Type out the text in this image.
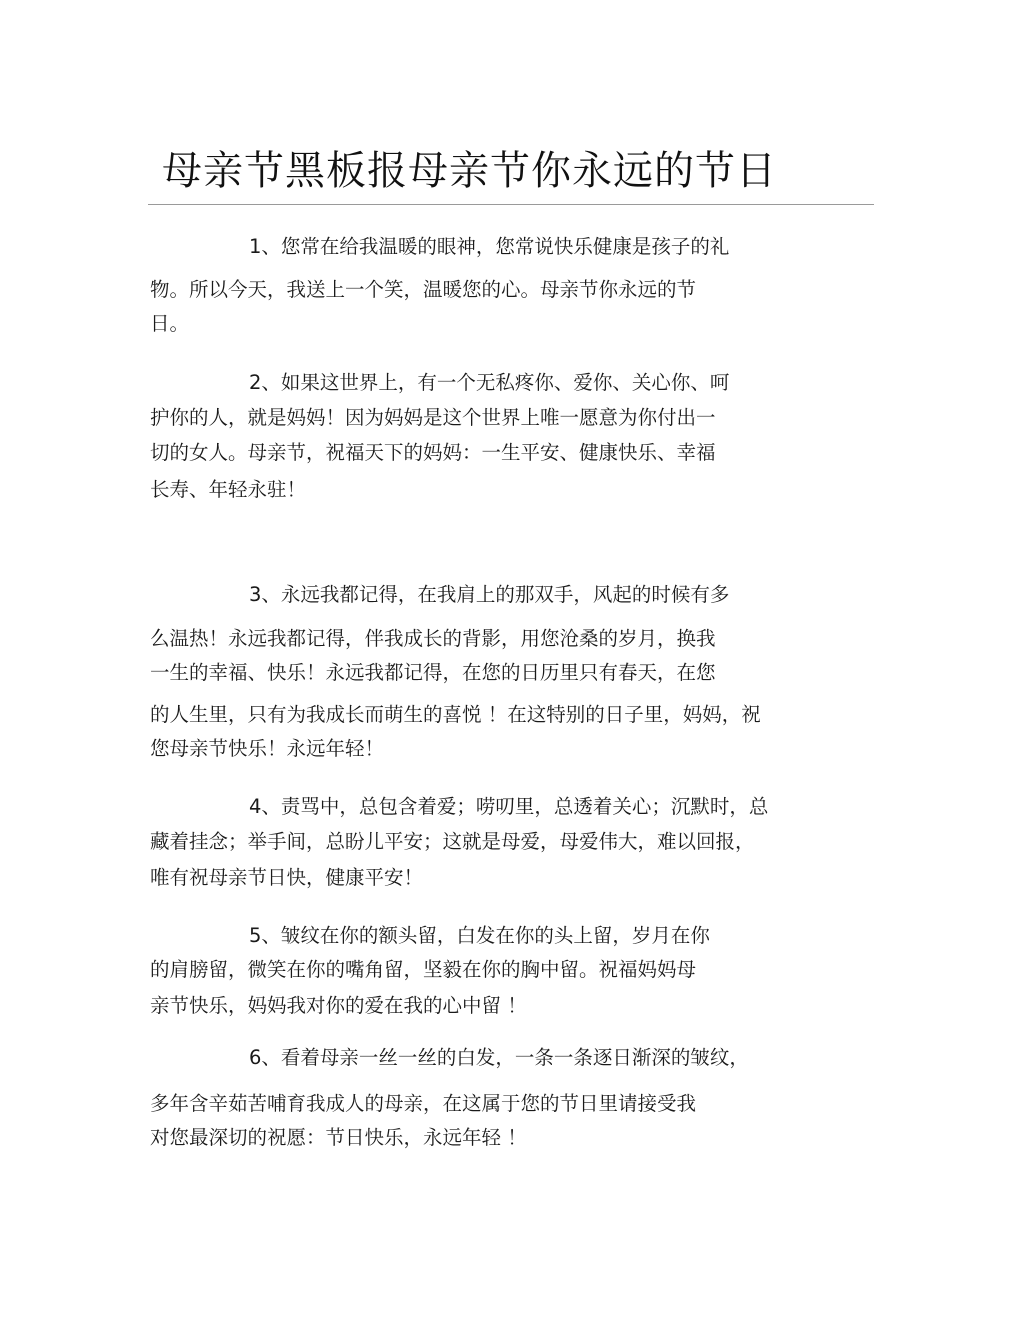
母亲节黑板报母亲节你永远的节日
1、您常在给我温暖的眼神，您常说快乐健康是孩子的礼
物。所以今天，我送上一个笑，温暖您的心。母亲节你永远的节
日。
2、如果这世界上，有一个无私疼你、爱你、关心你、呵
护你的人，就是妈妈！因为妈妈是这个世界上唯一愿意为你付出一
切的女人。母亲节，祝福天下的妈妈：一生平安、健康快乐、幸福
长寿、年轻永驻！
3、永远我都记得，在我肩上的那双手，风起的时候有多
么温热！永远我都记得，伴我成长的背影，用您沧桑的岁月，换我
一生的幸福、快乐！永远我都记得，在您的日历里只有春天，在您
的人生里，只有为我成长而萌生的喜悦 ！在这特别的日子里，妈妈，祝
您母亲节快乐！永远年轻！
4、责骂中，总包含着爱；唠叨里，总透着关心；沉默时，总
藏着挂念；举手间，总盼儿平安；这就是母爱，母爱伟大，难以回报，
唯有祝母亲节日快，健康平安！
5、皱纹在你的额头留，白发在你的头上留，岁月在你
的肩膀留，微笑在你的嘴角留，坚毅在你的胸中留。祝福妈妈母
亲节快乐，妈妈我对你的爱在我的心中留 ！
6、看着母亲一丝一丝的白发，一条一条逐日渐深的皱纹，
多年含辛茹苦哺育我成人的母亲，在这属于您的节日里请接受我
对您最深切的祝愿：节日快乐，永远年轻 ！
